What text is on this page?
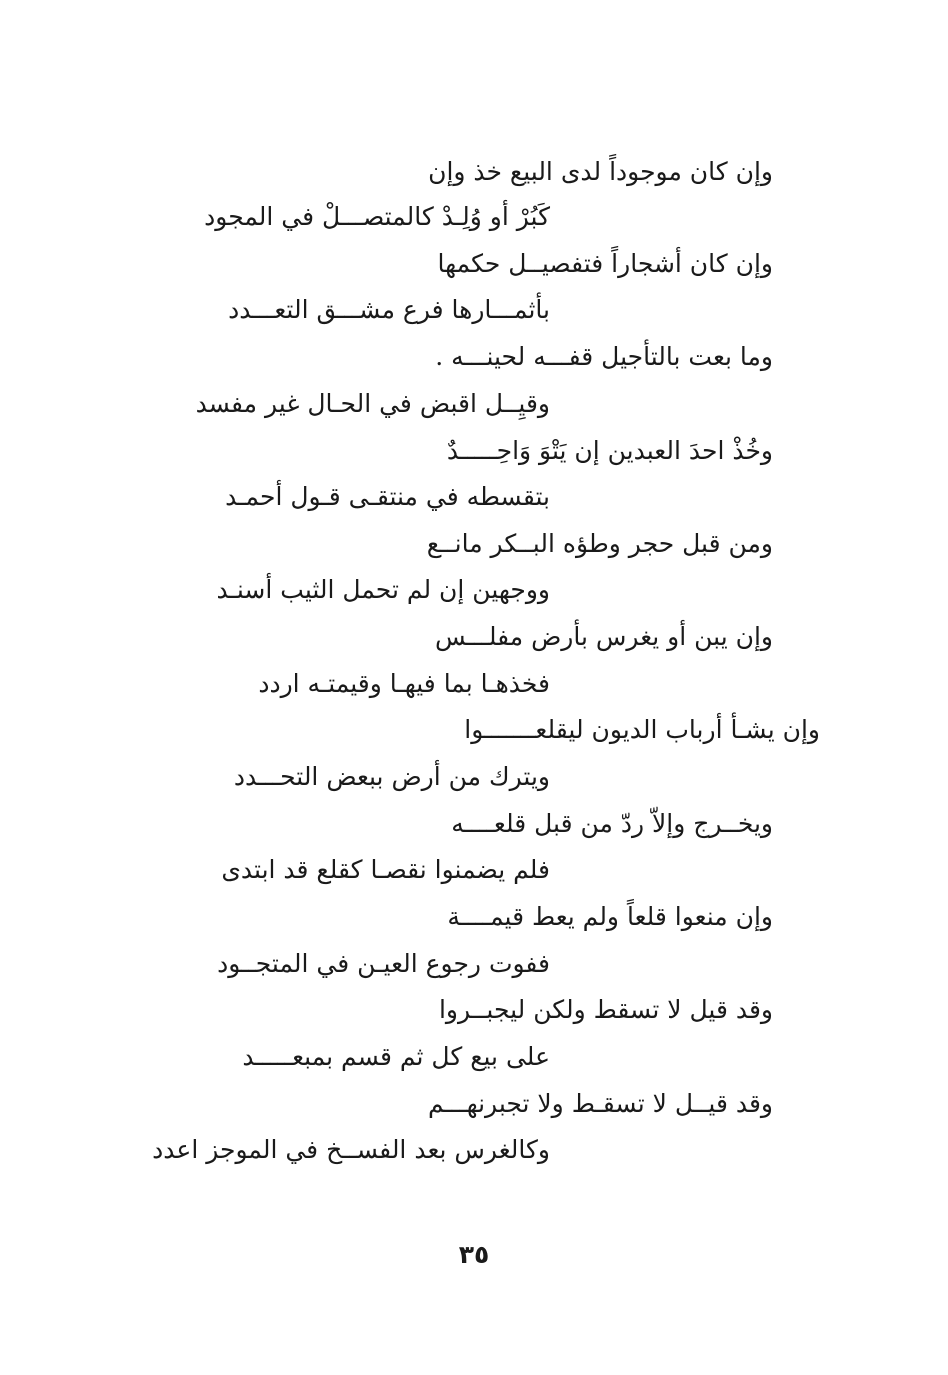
وإن كان موجوداً لدى البيع خذ وإن
كَبُرْ أو وُلِـدْ كالمتصـــلْ في المجود
وإن كان أشجاراً فتفصيــل حكمها
بأثمـــارها فرع مشـــق التعـــدد
وما بعت بالتأجيل قفـــه لحينـــه .
وقيِــل اقبض في الحـال غير مفسد
وخُذْ احدَ العبدين إن يَتْوَ وَاحِـــــدٌ
بتقسطه في منتقـى قـول أحمـد
ومن قبل حجر وطؤه البــكر مانــع
ووجهين إن لم تحمل الثيب أسنـد
وإن يبن أو يغرس بأرض مفلـــس
فخذهـا بما فيهـا وقيمتـه اردد
وإن يشـأ أرباب الديون ليقلعـــــــوا
ويترك من أرض ببعض التحـــدد
ويخــرج وإلاّ ردّ من قبل قلعــــه
فلم يضمنوا نقصـا كقلع قد ابتدى
وإن منعوا قلعاً ولم يعط قيمــــة
ففوت رجوع العيـن في المتجــود
وقد قيل لا تسقط ولكن ليجبــروا
على بيع كل ثم قسم بمبعـــــد
وقد قيــل لا تسقـط ولا تجبرنهـــم
وكالغرس بعد الفســخ في الموجز اعدد
٣٥
